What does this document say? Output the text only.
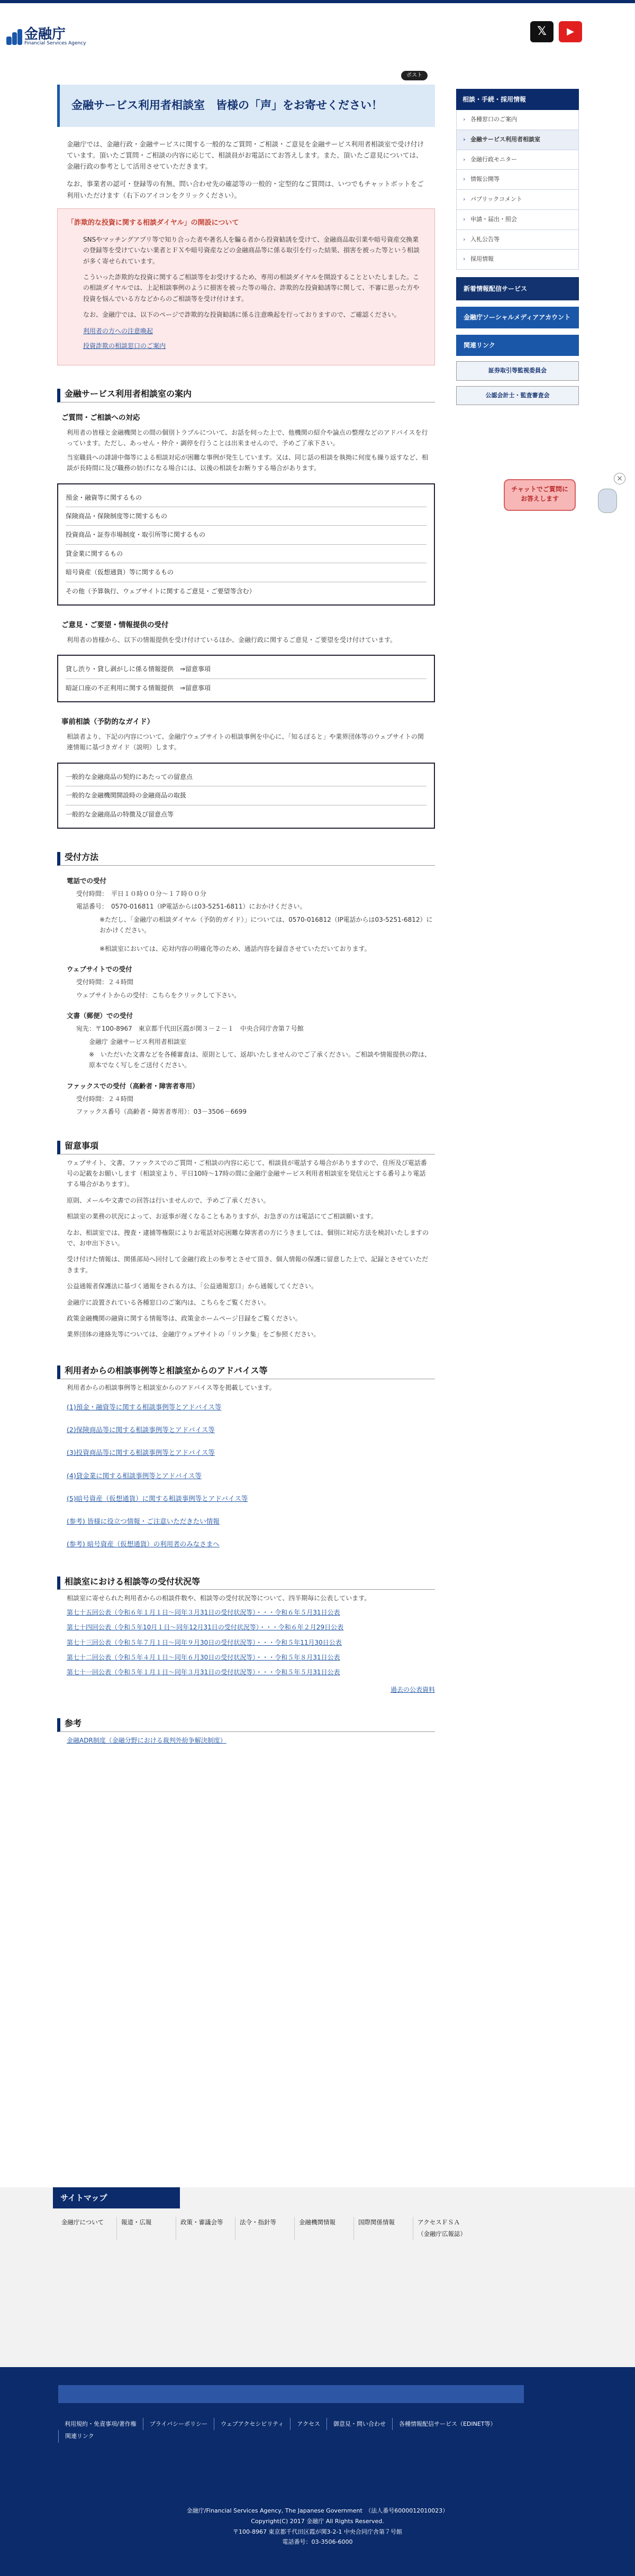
金融庁
Financial Services Agency
𝕏	▶
ポスト
金融サービス利用者相談室　皆様の「声」をお寄せください！

金融庁では、金融行政・金融サービスに関する一般的なご質問・ご相談・ご意見を金融サービス利用者相談室で受け付けています。頂いたご質問・ご相談の内容に応じて、相談員がお電話にてお答えします。また、頂いたご意見については、金融行政の参考として活用させていただきます。

なお、事業者の認可・登録等の有無、問い合わせ先の確認等の一般的・定型的なご質問は、いつでもチャットボットをご利用いただけます（右下のアイコンをクリックください）。

「詐欺的な投資に関する相談ダイヤル」の開設について

SNSやマッチングアプリ等で知り合った者や著名人を騙る者から投資勧誘を受けて、金融商品取引業や暗号資産交換業の登録等を受けていない業者とＦＸや暗号資産などの金融商品等に係る取引を行った結果、損害を被った等という相談が多く寄せられています。

こういった詐欺的な投資に関するご相談等をお受けするため、専用の相談ダイヤルを開設することといたしました。この相談ダイヤルでは、上記相談事例のように損害を被った等の場合、詐欺的な投資勧誘等に関して、不審に思った方や投資を悩んでいる方などからのご相談等を受け付けます。

なお、金融庁では、以下のページで詐欺的な投資勧誘に係る注意喚起を行っておりますので、ご確認ください。

利用者の方への注意喚起
投資詐欺の相談窓口のご案内
金融サービス利用者相談室の案内
ご質問・ご相談への対応
利用者の皆様と金融機関との間の個別トラブルについて、お話を伺った上で、他機関の紹介や論点の整理などのアドバイスを行っています。ただし、あっせん・仲介・調停を行うことは出来ませんので、予めご了承下さい。
当室職員への誹謗中傷等による相談対応が困難な事例が発生しています。又は、同じ話の相談を執拗に何度も繰り返すなど、相談が長時間に及び職務の妨げになる場合には、以後の相談をお断りする場合があります。
預金・融資等に関するもの
保険商品・保険制度等に関するもの
投資商品・証券市場制度・取引所等に関するもの
貸金業に関するもの
暗号資産（仮想通貨）等に関するもの
その他（予算執行、ウェブサイトに関するご意見・ご要望等含む）
ご意見・ご要望・情報提供の受付
利用者の皆様から、以下の情報提供を受け付けているほか、金融行政に関するご意見・ご要望を受け付けています。
貸し渋り・貸し剥がしに係る情報提供　⇒留意事項
暗証口座の不正利用に関する情報提供　⇒留意事項
事前相談（予防的なガイド）
相談者より、下記の内容について、金融庁ウェブサイトの相談事例を中心に、「知るぽると」や業界団体等のウェブサイトの関連情報に基づきガイド（説明）します。
一般的な金融商品の契約にあたっての留意点
一般的な金融機関開設時の金融商品の取扱
一般的な金融商品の特徴及び留意点等
受付方法
電話での受付
受付時間：　平日１０時００分～１７時００分
電話番号：　0570-016811（IP電話からは03-5251-6811）におかけください。
※ただし、「金融庁の相談ダイヤル（予防的ガイド）」については、0570-016812（IP電話からは03-5251-6812）におかけください。
※相談室においては、応対内容の明確化等のため、通話内容を録音させていただいております。
ウェブサイトでの受付
受付時間：２４時間
ウェブサイトからの受付：こちらをクリックして下さい。
文書（郵便）での受付
宛先：〒100-8967　東京都千代田区霞が関３－２－１　中央合同庁舎第７号館
金融庁 金融サービス利用者相談室
※　いただいた文書などを各種審査は、原則として、返却いたしませんのでご了承ください。ご相談や情報提供の際は、原本でなく写しをご送付ください。
ファックスでの受付（高齢者・障害者専用）
受付時間：２４時間
ファックス番号（高齢者・障害者専用）：03－3506－6699
留意事項
ウェブサイト、文書、ファックスでのご質問・ご相談の内容に応じて、相談員が電話する場合がありますので、住所及び電話番号の記載をお願いします（相談室より、平日10時～17時の間に金融庁金融サービス利用者相談室を発信元とする番号より電話する場合があります）。
原則、メールや文書での回答は行いませんので、予めご了承ください。
相談室の業務の状況によって、お返事が遅くなることもありますが、お急ぎの方は電話にてご相談願います。
なお、相談室では、捜査・逮捕等権限によりお電話対応困難な障害者の方にうきましては、個別に対応方法を検討いたしますので、お申出下さい。
受け付けた情報は、関係部局へ回付して金融行政上の参考とさせて頂き、個人情報の保護に留意した上で、記録とさせていただきます。
公益通報者保護法に基づく通報をされる方は、「公益通報窓口」から通報してください。
金融庁に設置されている各種窓口のご案内は、こちらをご覧ください。
政策金融機関の融資に関する情報等は、政策金ホームページ目録をご覧ください。
業界団体の連絡先等については、金融庁ウェブサイトの「リンク集」をご参照ください。
利用者からの相談事例等と相談室からのアドバイス等
利用者からの相談事例等と相談室からのアドバイス等を掲載しています。
(1)預金・融資等に関する相談事例等とアドバイス等
(2)保険商品等に関する相談事例等とアドバイス等
(3)投資商品等に関する相談事例等とアドバイス等
(4)貸金業に関する相談事例等とアドバイス等
(5)暗号資産（仮想通貨）に関する相談事例等とアドバイス等
(参考) 皆様に役立つ情報・ご注意いただきたい情報
(参考) 暗号資産（仮想通貨）の利用者のみなさまへ
相談室における相談等の受付状況等
相談室に寄せられた利用者からの相談件数や、相談等の受付状況等について、四半期毎に公表しています。
第七十五回公表（令和６年１月１日～同年３月31日の受付状況等）・・・令和６年５月31日公表
第七十四回公表（令和５年10月１日～同年12月31日の受付状況等）・・・令和６年２月29日公表
第七十三回公表（令和５年７月１日～同年９月30日の受付状況等）・・・令和５年11月30日公表
第七十二回公表（令和５年４月１日～同年６月30日の受付状況等）・・・令和５年８月31日公表
第七十一回公表（令和５年１月１日～同年３月31日の受付状況等）・・・令和５年５月31日公表
過去の公表資料
参考
金融ADR制度（金融分野における裁判外紛争解決制度）
相談・手続・採用情報
› 各種窓口のご案内
› 金融サービス利用者相談室
› 金融行政モニター
› 情報公開等
› パブリックコメント
› 申請・届出・照会
› 入札公告等
› 採用情報
新着情報配信サービス
金融庁ソーシャルメディアアカウント
関連リンク
証券取引等監視委員会
公認会計士・監査審査会
×
チャットでご質問に
お答えします
サイトマップ
金融庁について	報道・広報	政策・審議会等	法令・指針等	金融機関情報	国際関係情報	アクセスＦＳＡ（金融庁広報誌）
利用規約・免責事項/著作権	プライバシーポリシー	ウェブアクセシビリティ	アクセス	御意見・問い合わせ	各種情報配信サービス（EDINET等）
関連リンク
金融庁/Financial Services Agency, The Japanese Government　（法人番号6000012010023）
Copyright(C) 2017 金融庁 All Rights Reserved.
〒100-8967 東京都千代田区霞が関3-2-1 中央合同庁舎第７号館
電話番号：03-3506-6000
